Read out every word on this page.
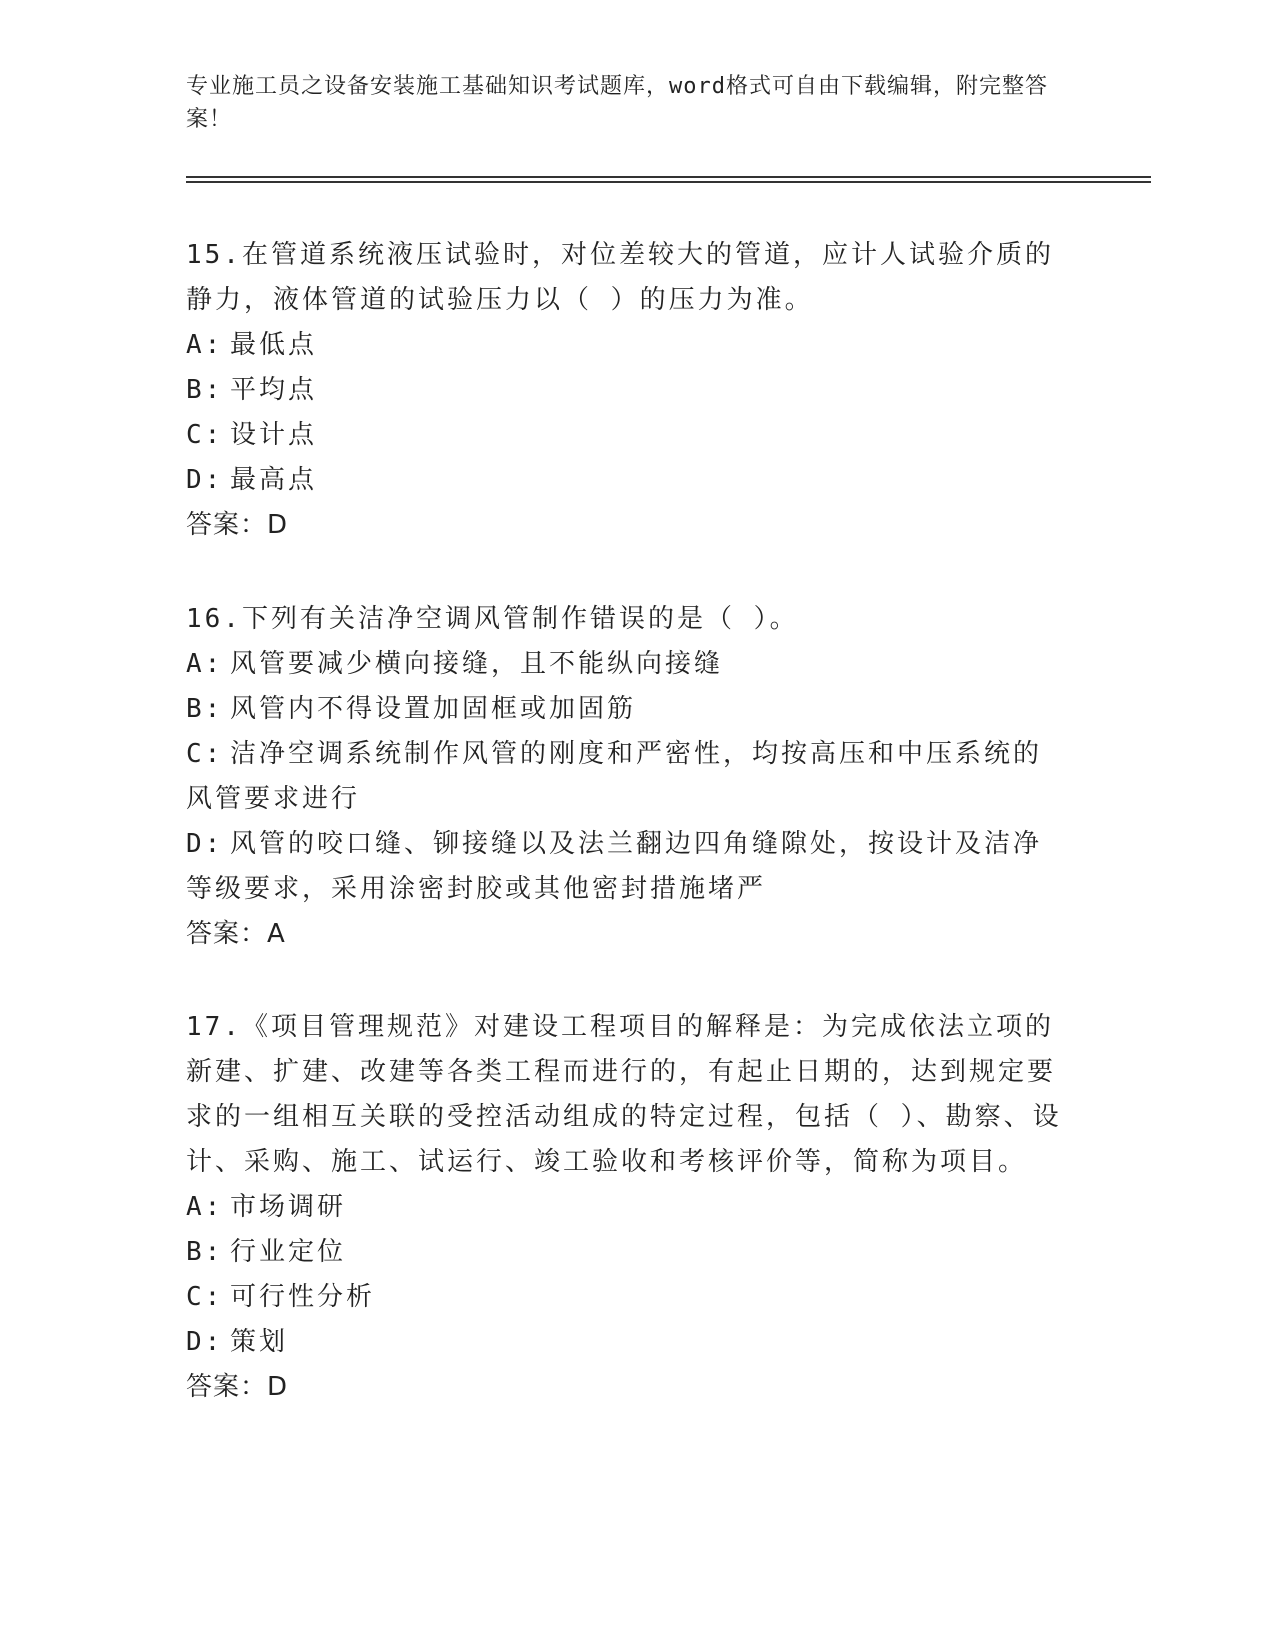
专业施工员之设备安装施工基础知识考试题库，word格式可自由下载编辑，附完整答案！

15.在管道系统液压试验时，对位差较大的管道，应计人试验介质的静力，液体管道的试验压力以（ ）的压力为准。

A: 最低点

B: 平均点

C: 设计点

D: 最高点

答案：D

16.下列有关洁净空调风管制作错误的是（ ）。

A: 风管要减少横向接缝，且不能纵向接缝

B: 风管内不得设置加固框或加固筋

C: 洁净空调系统制作风管的刚度和严密性，均按高压和中压系统的风管要求进行

D: 风管的咬口缝、铆接缝以及法兰翻边四角缝隙处，按设计及洁净等级要求，采用涂密封胶或其他密封措施堵严

答案：A

17.《项目管理规范》对建设工程项目的解释是：为完成依法立项的新建、扩建、改建等各类工程而进行的，有起止日期的，达到规定要求的一组相互关联的受控活动组成的特定过程，包括（ ）、勘察、设计、采购、施工、试运行、竣工验收和考核评价等，简称为项目。

A: 市场调研

B: 行业定位

C: 可行性分析

D: 策划

答案：D
